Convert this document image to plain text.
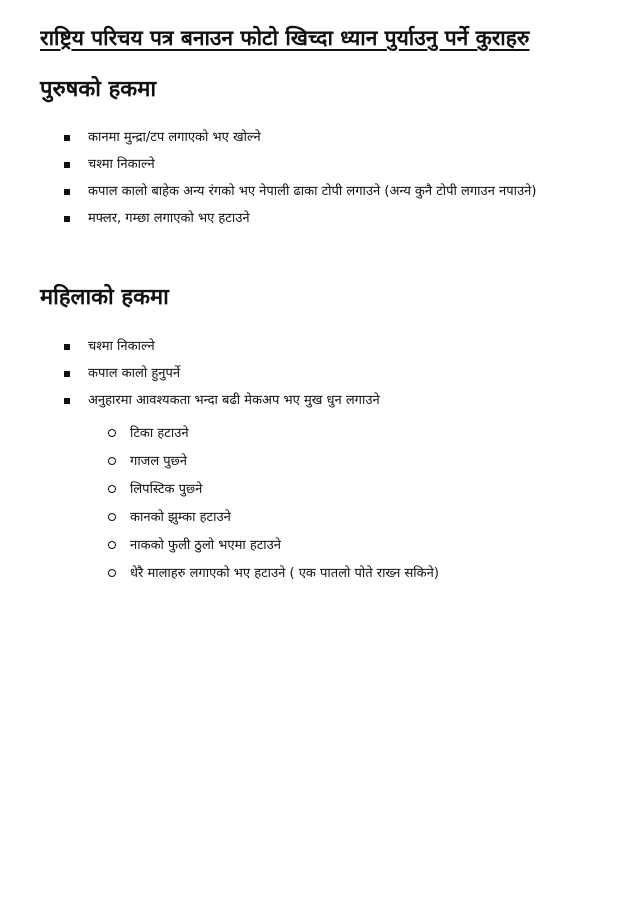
राष्ट्रिय परिचय पत्र बनाउन फोटो खिच्दा ध्यान पुर्याउनु पर्ने कुराहरु
पुरुषको हकमा
कानमा मुन्द्रा/टप लगाएको भए खोल्ने
चश्मा निकाल्ने
कपाल कालो बाहेक अन्य रंगको भए नेपाली ढाका टोपी लगाउने (अन्य कुनै टोपी लगाउन नपाउने)
मफ्लर, गम्छा लगाएको भए हटाउने
महिलाको हकमा
चश्मा निकाल्ने
कपाल कालो हुनुपर्ने
अनुहारमा आवश्यकता भन्दा बढी मेकअप भए मुख धुन लगाउने
टिका हटाउने
गाजल पुछ्ने
लिपस्टिक पुछ्ने
कानको झुम्का हटाउने
नाकको फुली ठुलो भएमा हटाउने
धेरै मालाहरु लगाएको भए हटाउने ( एक पातलो पोते राख्न सकिने)
